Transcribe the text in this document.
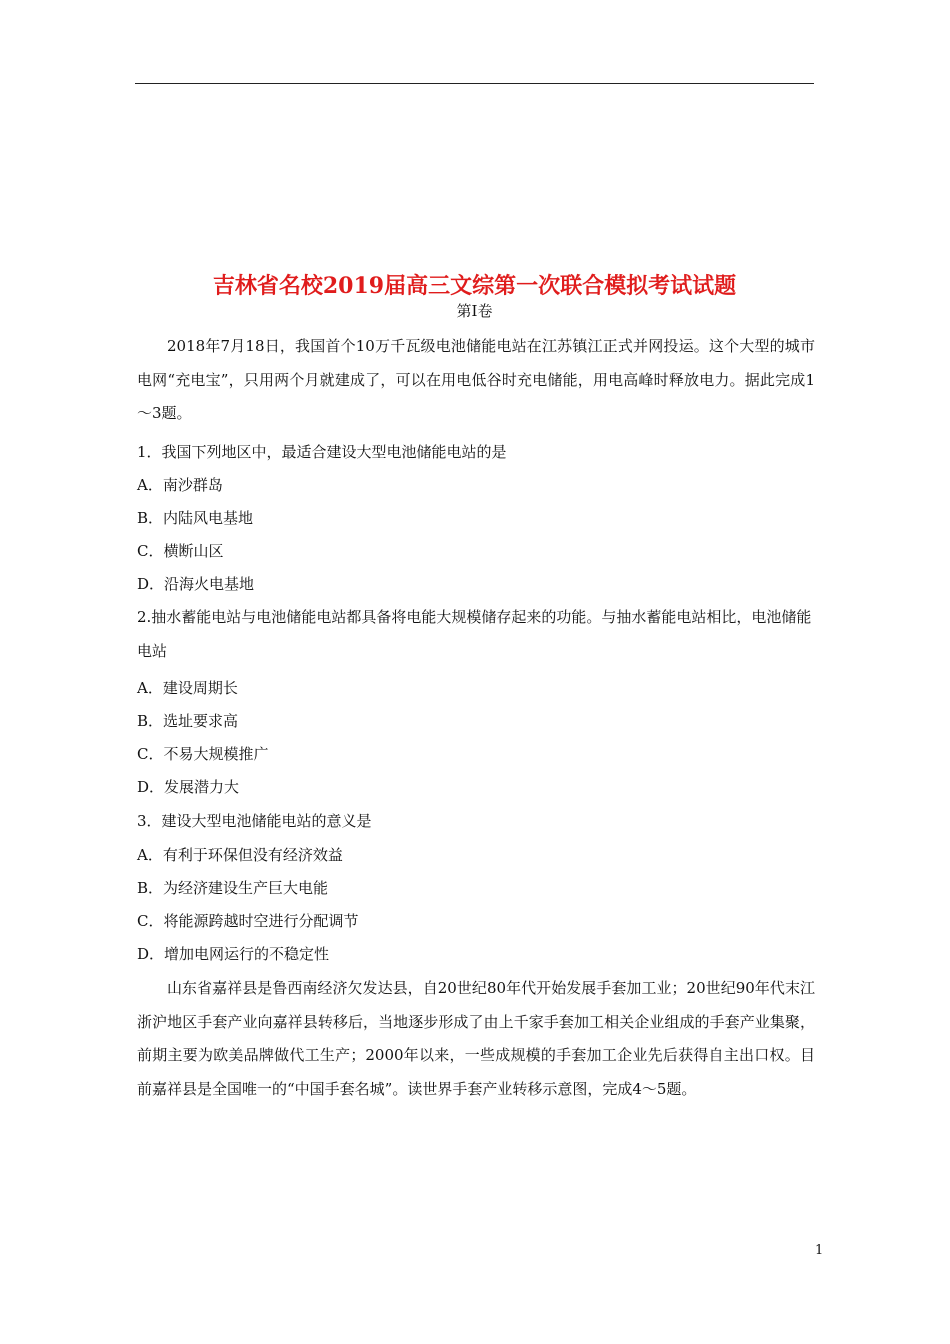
吉林省名校2019届高三文综第一次联合模拟考试试题
第Ⅰ卷

2018年7月18日，我国首个10万千瓦级电池储能电站在江苏镇江正式并网投运。这个大型的城市电网“充电宝”，只用两个月就建成了，可以在用电低谷时充电储能，用电高峰时释放电力。据此完成1～3题。

1．我国下列地区中，最适合建设大型电池储能电站的是

A．南沙群岛

B．内陆风电基地

C．横断山区

D．沿海火电基地

2.抽水蓄能电站与电池储能电站都具备将电能大规模储存起来的功能。与抽水蓄能电站相比，电池储能电站

A．建设周期长

B．选址要求高

C．不易大规模推广

D．发展潜力大

3．建设大型电池储能电站的意义是

A．有利于环保但没有经济效益

B．为经济建设生产巨大电能

C．将能源跨越时空进行分配调节

D．增加电网运行的不稳定性

山东省嘉祥县是鲁西南经济欠发达县，自20世纪80年代开始发展手套加工业；20世纪90年代末江浙沪地区手套产业向嘉祥县转移后，当地逐步形成了由上千家手套加工相关企业组成的手套产业集聚，前期主要为欧美品牌做代工生产；2000年以来，一些成规模的手套加工企业先后获得自主出口权。目前嘉祥县是全国唯一的“中国手套名城”。读世界手套产业转移示意图，完成4～5题。

1
